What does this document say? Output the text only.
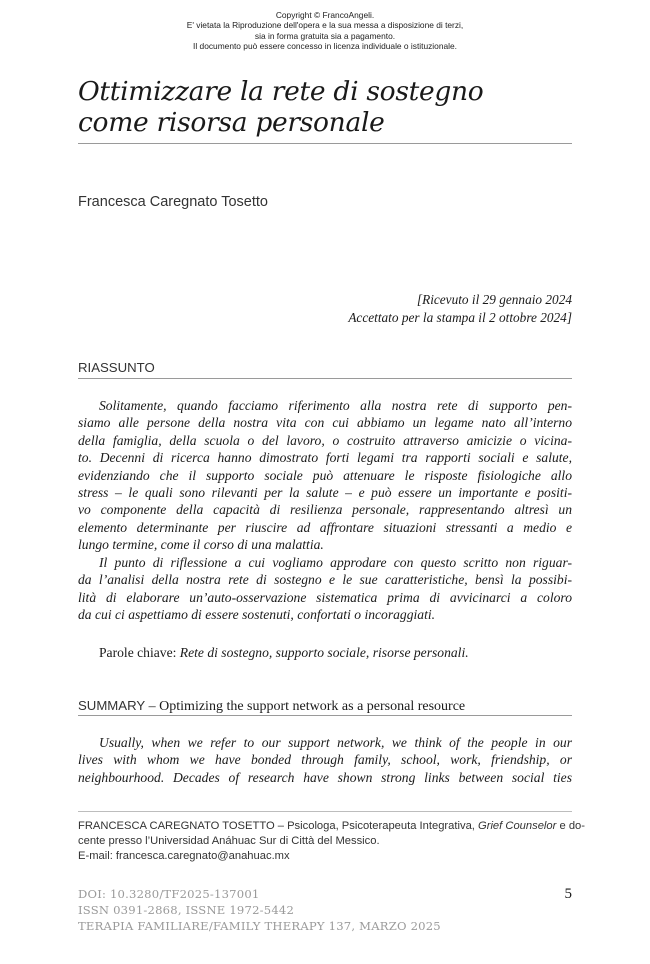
Copyright © FrancoAngeli.
E' vietata la Riproduzione dell'opera e la sua messa a disposizione di terzi,
sia in forma gratuita sia a pagamento.
Il documento può essere concesso in licenza individuale o istituzionale.
Ottimizzare la rete di sostegno
come risorsa personale
Francesca Caregnato Tosetto
[Ricevuto il 29 gennaio 2024
Accettato per la stampa il 2 ottobre 2024]
RIASSUNTO
Solitamente, quando facciamo riferimento alla nostra rete di supporto pen-
siamo alle persone della nostra vita con cui abbiamo un legame nato all’interno
della famiglia, della scuola o del lavoro, o costruito attraverso amicizie o vicina-
to. Decenni di ricerca hanno dimostrato forti legami tra rapporti sociali e salute,
evidenziando che il supporto sociale può attenuare le risposte fisiologiche allo
stress – le quali sono rilevanti per la salute – e può essere un importante e positi-
vo componente della capacità di resilienza personale, rappresentando altresì un
elemento determinante per riuscire ad affrontare situazioni stressanti a medio e
lungo termine, come il corso di una malattia.
Il punto di riflessione a cui vogliamo approdare con questo scritto non riguar-
da l’analisi della nostra rete di sostegno e le sue caratteristiche, bensì la possibi-
lità di elaborare un’auto-osservazione sistematica prima di avvicinarci a coloro
da cui ci aspettiamo di essere sostenuti, confortati o incoraggiati.
Parole chiave: Rete di sostegno, supporto sociale, risorse personali.
SUMMARY – Optimizing the support network as a personal resource
Usually, when we refer to our support network, we think of the people in our
lives with whom we have bonded through family, school, work, friendship, or
neighbourhood. Decades of research have shown strong links between social ties
FRANCESCA CAREGNATO TOSETTO – Psicologa, Psicoterapeuta Integrativa, Grief Counselor e do-
cente presso l’Universidad Anáhuac Sur di Città del Messico.
E-mail: francesca.caregnato@anahuac.mx
DOI: 10.3280/TF2025-137001
ISSN 0391-2868, ISSNE 1972-5442
TERAPIA FAMILIARE/FAMILY THERAPY 137, MARZO 2025
5
